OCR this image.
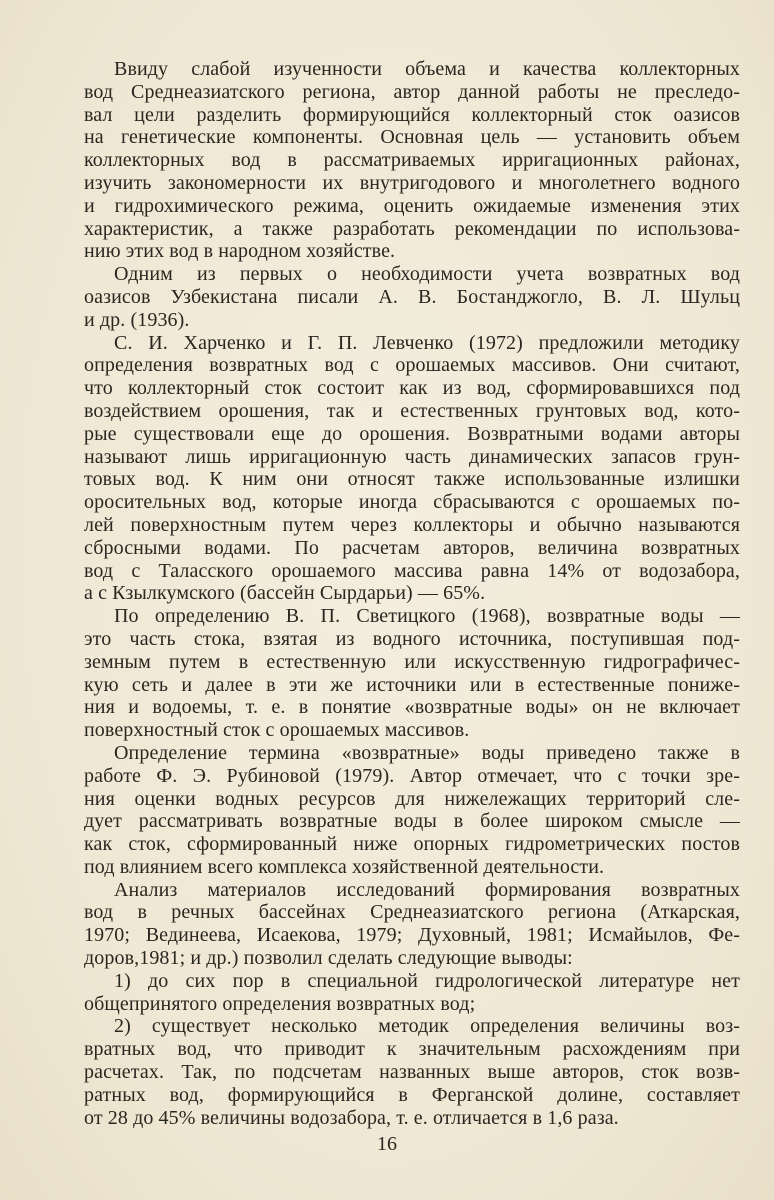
Ввиду слабой изученности объема и качества коллекторных
вод Среднеазиатского региона, автор данной работы не преследо-
вал цели разделить формирующийся коллекторный сток оазисов
на генетические компоненты. Основная цель — установить объем
коллекторных вод в рассматриваемых ирригационных районах,
изучить закономерности их внутригодового и многолетнего водного
и гидрохимического режима, оценить ожидаемые изменения этих
характеристик, а также разработать рекомендации по использова-
нию этих вод в народном хозяйстве.
Одним из первых о необходимости учета возвратных вод
оазисов Узбекистана писали А. В. Бостанджогло, В. Л. Шульц
и др. (1936).
С. И. Харченко и Г. П. Левченко (1972) предложили методику
определения возвратных вод с орошаемых массивов. Они считают,
что коллекторный сток состоит как из вод, сформировавшихся под
воздействием орошения, так и естественных грунтовых вод, кото-
рые существовали еще до орошения. Возвратными водами авторы
называют лишь ирригационную часть динамических запасов грун-
товых вод. К ним они относят также использованные излишки
оросительных вод, которые иногда сбрасываются с орошаемых по-
лей поверхностным путем через коллекторы и обычно называются
сбросными водами. По расчетам авторов, величина возвратных
вод с Таласского орошаемого массива равна 14% от водозабора,
а с Кзылкумского (бассейн Сырдарьи) — 65%.
По определению В. П. Светицкого (1968), возвратные воды —
это часть стока, взятая из водного источника, поступившая под-
земным путем в естественную или искусственную гидрографичес-
кую сеть и далее в эти же источники или в естественные понижe-
ния и водоемы, т. е. в понятие «возвратные воды» он не включает
поверхностный сток с орошаемых массивов.
Определение термина «возвратные» воды приведено также в
работе Ф. Э. Рубиновой (1979). Автор отмечает, что с точки зре-
ния оценки водных ресурсов для нижележащих территорий сле-
дует рассматривать возвратные воды в более широком смысле —
как сток, сформированный ниже опорных гидрометрических постов
под влиянием всего комплекса хозяйственной деятельности.
Анализ материалов исследований формирования возвратных
вод в речных бассейнах Среднеазиатского региона (Аткарская,
1970; Вединеева, Исаекова, 1979; Духовный, 1981; Исмайылов, Фе-
доров,1981; и др.) позволил сделать следующие выводы:
1) до сих пор в специальной гидрологической литературе нет
общепринятого определения возвратных вод;
2) существует несколько методик определения величины воз-
вратных вод, что приводит к значительным расхождениям при
расчетах. Так, по подсчетам названных выше авторов, сток возв-
ратных вод, формирующийся в Ферганской долине, составляет
от 28 до 45% величины водозабора, т. е. отличается в 1,6 раза.
16
